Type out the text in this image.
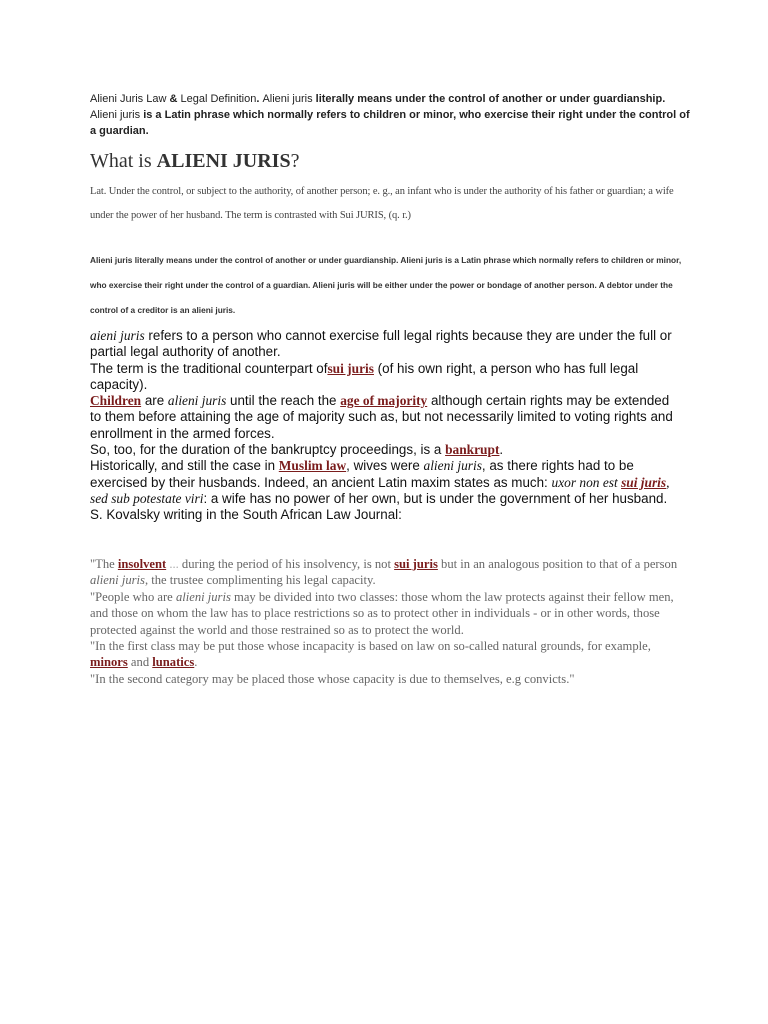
Alieni Juris Law & Legal Definition. Alieni juris literally means under the control of another or under guardianship. Alieni juris is a Latin phrase which normally refers to children or minor, who exercise their right under the control of a guardian.
What is ALIENI JURIS?
Lat. Under the control, or subject to the authority, of another person; e. g., an infant who is under the authority of his father or guardian; a wife under the power of her husband. The term is contrasted with Sui JURIS, (q. r.)
Alieni juris literally means under the control of another or under guardianship. Alieni juris is a Latin phrase which normally refers to children or minor, who exercise their right under the control of a guardian. Alieni juris will be either under the power or bondage of another person. A debtor under the control of a creditor is an alieni juris.

aieni juris refers to a person who cannot exercise full legal rights because they are under the full or partial legal authority of another.

The term is the traditional counterpart ofsui juris (of his own right, a person who has full legal capacity).

Children are alieni juris until the reach the age of majority although certain rights may be extended to them before attaining the age of majority such as, but not necessarily limited to voting rights and enrollment in the armed forces.

So, too, for the duration of the bankruptcy proceedings, is a bankrupt.

Historically, and still the case in Muslim law, wives were alieni juris, as there rights had to be exercised by their husbands. Indeed, an ancient Latin maxim states as much: uxor non est sui juris, sed sub potestate viri: a wife has no power of her own, but is under the government of her husband.

S. Kovalsky writing in the South African Law Journal:

"The insolvent ... during the period of his insolvency, is not sui juris but in an analogous position to that of a person alieni juris, the trustee complimenting his legal capacity.

"People who are alieni juris may be divided into two classes: those whom the law protects against their fellow men, and those on whom the law has to place restrictions so as to protect other in individuals - or in other words, those protected against the world and those restrained so as to protect the world.

"In the first class may be put those whose incapacity is based on law on so-called natural grounds, for example, minors and lunatics.

"In the second category may be placed those whose capacity is due to themselves, e.g convicts."
